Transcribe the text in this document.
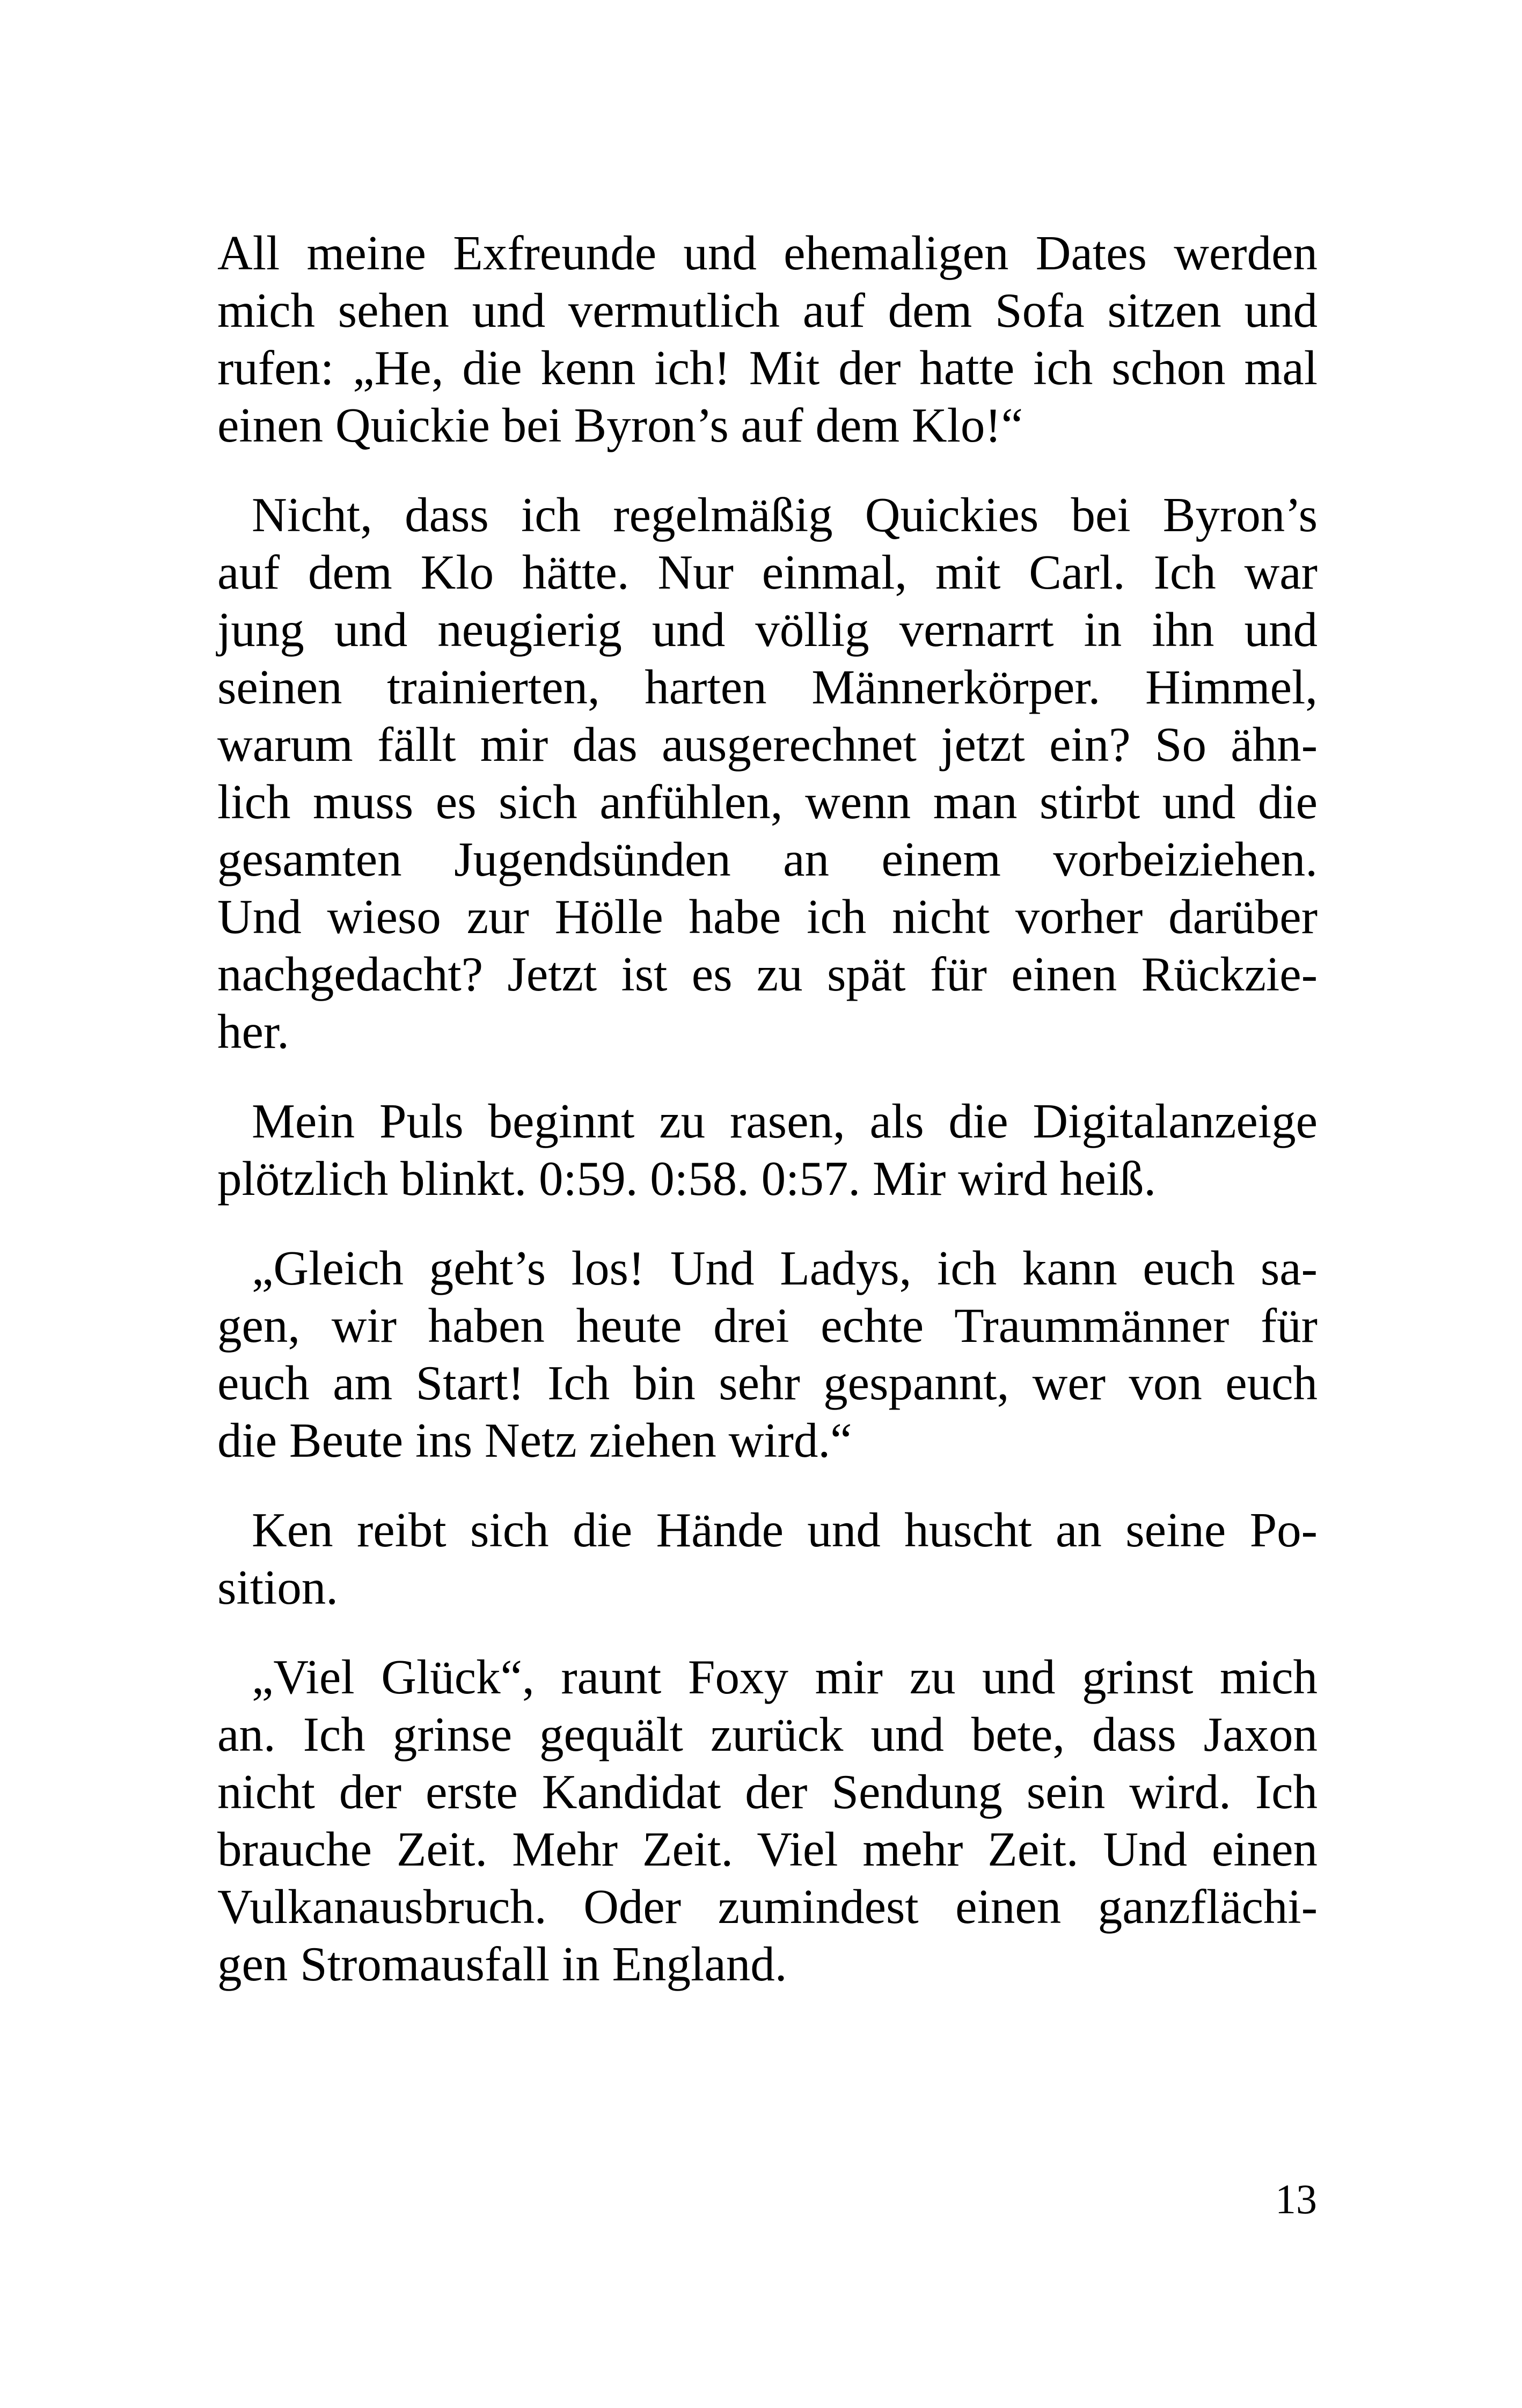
All meine Exfreunde und ehemaligen Dates werden
mich sehen und vermutlich auf dem Sofa sitzen und
rufen: „He, die kenn ich! Mit der hatte ich schon mal
einen Quickie bei Byron’s auf dem Klo!“

Nicht, dass ich regelmäßig Quickies bei Byron’s
auf dem Klo hätte. Nur einmal, mit Carl. Ich war
jung und neugierig und völlig vernarrt in ihn und
seinen trainierten, harten Männerkörper. Himmel,
warum fällt mir das ausgerechnet jetzt ein? So ähn-
lich muss es sich anfühlen, wenn man stirbt und die
gesamten Jugendsünden an einem vorbeiziehen.
Und wieso zur Hölle habe ich nicht vorher darüber
nachgedacht? Jetzt ist es zu spät für einen Rückzie-
her.

Mein Puls beginnt zu rasen, als die Digitalanzeige
plötzlich blinkt. 0:59. 0:58. 0:57. Mir wird heiß.

„Gleich geht’s los! Und Ladys, ich kann euch sa-
gen, wir haben heute drei echte Traummänner für
euch am Start! Ich bin sehr gespannt, wer von euch
die Beute ins Netz ziehen wird.“

Ken reibt sich die Hände und huscht an seine Po-
sition.

„Viel Glück“, raunt Foxy mir zu und grinst mich
an. Ich grinse gequält zurück und bete, dass Jaxon
nicht der erste Kandidat der Sendung sein wird. Ich
brauche Zeit. Mehr Zeit. Viel mehr Zeit. Und einen
Vulkanausbruch. Oder zumindest einen ganzflächi-
gen Stromausfall in England.

13
